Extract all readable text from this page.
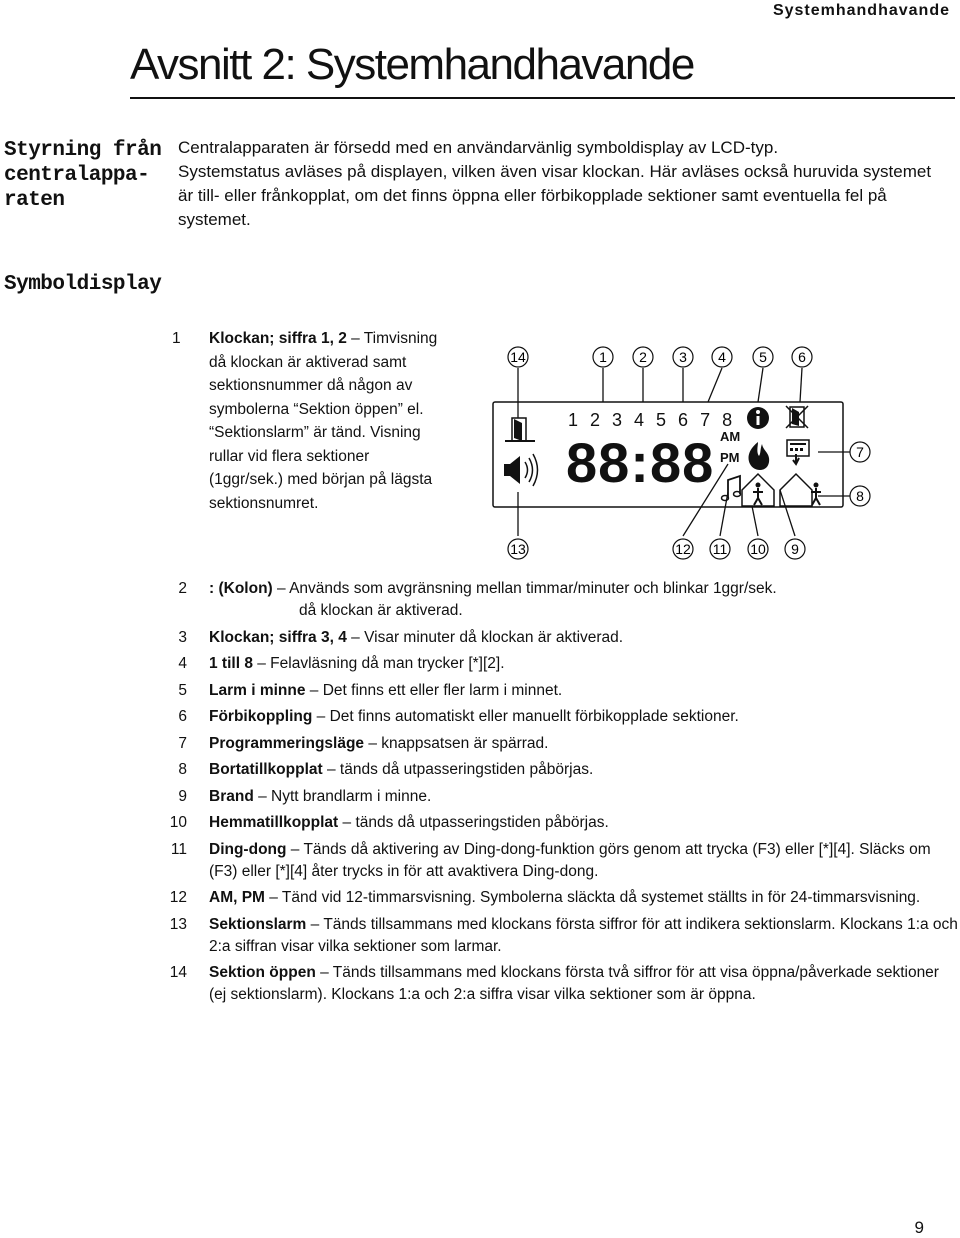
Systemhandhavande
Avsnitt 2: Systemhandhavande
Styrning från
centralappa-
raten

Centralapparaten är försedd med en användarvänlig symboldisplay av LCD-typ.

Systemstatus avläses på displayen, vilken även visar klockan. Här avläses också huruvida systemet är till- eller frånkopplat, om det finns öppna eller förbikopplade sektioner samt eventuella fel på systemet.

Symboldisplay
1 Klockan; siffra 1, 2 – Timvisning då klockan är aktiverad samt sektionsnummer då någon av symbolerna “Sektion öppen” el. “Sektionslarm” är tänd. Visning rullar vid flera sektioner (1ggr/sek.) med början på lägsta sektionsnumret.
1 2 3 4 5 6 7 8
88:88 AM
PM
14	1 2 3 4 5 6
7
8
13	12 11 10 9
2 : (Kolon) – Används som avgränsning mellan timmar/minuter och blinkar 1ggr/sek.
då klockan är aktiverad.
3 Klockan; siffra 3, 4 – Visar minuter då klockan är aktiverad.
4 1 till 8 – Felavläsning då man trycker [*][2].
5 Larm i minne – Det finns ett eller fler larm i minnet.
6 Förbikoppling – Det finns automatiskt eller manuellt förbikopplade sektioner.
7 Programmeringsläge – knappsatsen är spärrad.
8 Bortatillkopplat – tänds då utpasseringstiden påbörjas.
9 Brand – Nytt brandlarm i minne.
10 Hemmatillkopplat – tänds då utpasseringstiden påbörjas.
11 Ding-dong – Tänds då aktivering av Ding-dong-funktion görs genom att trycka (F3) eller [*][4]. Släcks om (F3) eller [*][4] åter trycks in för att avaktivera Ding-dong.
12 AM, PM – Tänd vid 12-timmarsvisning. Symbolerna släckta då systemet ställts in för 24-timmarsvisning.
13 Sektionslarm – Tänds tillsammans med klockans första siffror för att indikera sektionslarm. Klockans 1:a och 2:a siffran visar vilka sektioner som larmar.
14 Sektion öppen – Tänds tillsammans med klockans första två siffror för att visa öppna/påverkade sektioner (ej sektionslarm). Klockans 1:a och 2:a siffra visar vilka sektioner som är öppna.
9
